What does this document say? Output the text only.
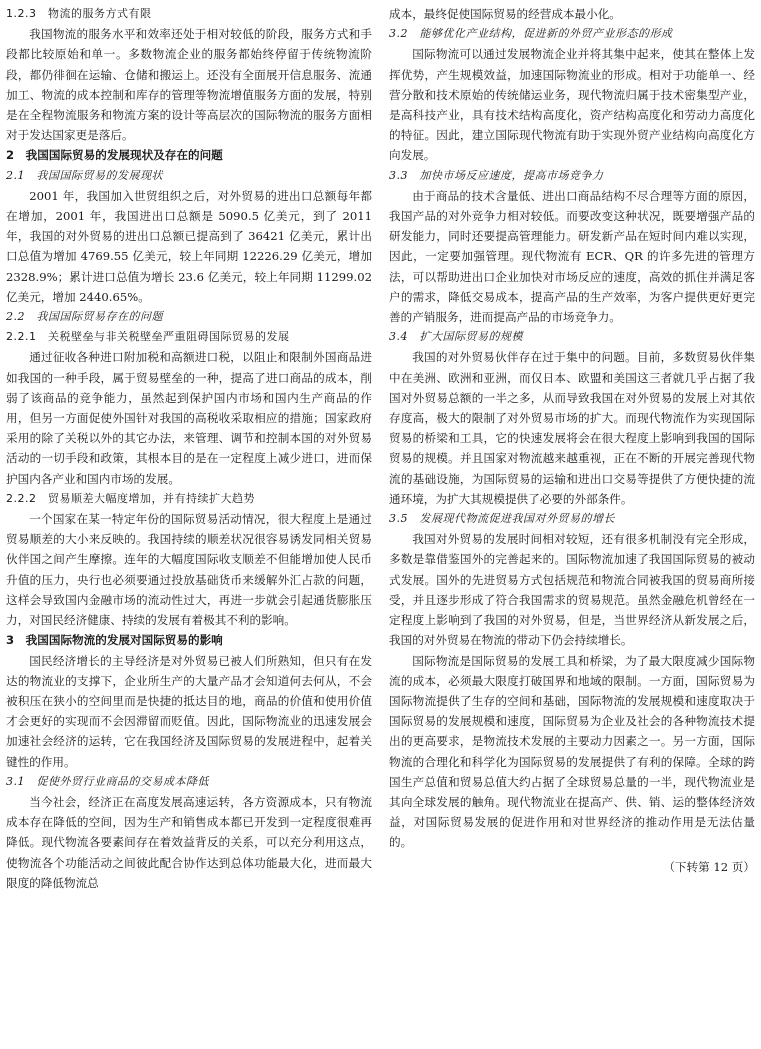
1.2.3　物流的服务方式有限
我国物流的服务水平和效率还处于相对较低的阶段，服务方式和手段都比较原始和单一。多数物流企业的服务都始终停留于传统物流阶段，都仍徘徊在运输、仓储和搬运上。还没有全面展开信息服务、流通加工、物流的成本控制和库存的管理等物流增值服务方面的发展，特别是在全程物流服务和物流方案的设计等高层次的国际物流的服务方面相对于发达国家更是落后。
2　我国国际贸易的发展现状及存在的问题
2.1　我国国际贸易的发展现状
2001 年，我国加入世贸组织之后，对外贸易的进出口总额每年都在增加，2001 年，我国进出口总额是 5090.5 亿美元，到了 2011 年，我国的对外贸易的进出口总额已提高到了 36421 亿美元，累计出口总值为增加 4769.55 亿美元，较上年同期 12226.29 亿美元，增加 2328.9%；累计进口总值为增长 23.6 亿美元，较上年同期 11299.02 亿美元，增加 2440.65%。
2.2　我国国际贸易存在的问题
2.2.1　关税壁垒与非关税壁垒严重阻碍国际贸易的发展
通过征收各种进口附加税和高额进口税，以阻止和限制外国商品进如我国的一种手段，属于贸易壁垒的一种，提高了进口商品的成本，削弱了该商品的竞争能力，虽然起到保护国内市场和国内生产商品的作用，但另一方面促使外国针对我国的高税收采取相应的措施；国家政府采用的除了关税以外的其它办法，来管理、调节和控制本国的对外贸易活动的一切手段和政策，其根本目的是在一定程度上减少进口，进而保护国内各产业和国内市场的发展。
2.2.2　贸易顺差大幅度增加，并有持续扩大趋势
一个国家在某一特定年份的国际贸易活动情况，很大程度上是通过贸易顺差的大小来反映的。我国持续的顺差状况很容易诱发同相关贸易伙伴国之间产生摩擦。连年的大幅度国际收支顺差不但能增加使人民币升值的压力，央行也必须要通过投放基础货币来缓解外汇占款的问题，这样会导致国内金融市场的流动性过大，再进一步就会引起通货膨胀压力，对国民经济健康、持续的发展有着极其不利的影响。
3　我国国际物流的发展对国际贸易的影响
国民经济增长的主导经济是对外贸易已被人们所熟知，但只有在发达的物流业的支撑下，企业所生产的大量产品才会知道何去何从，不会被积压在狭小的空间里而是快捷的抵达目的地，商品的价值和使用价值才会更好的实现而不会因滞留而贬值。因此，国际物流业的迅速发展会加速社会经济的运转，它在我国经济及国际贸易的发展进程中，起着关键性的作用。
3.1　促使外贸行业商品的交易成本降低
当今社会，经济正在高度发展高速运转，各方资源成本，只有物流成本存在降低的空间，因为生产和销售成本都已开发到一定程度很难再降低。现代物流各要素间存在着效益背反的关系，可以充分利用这点，使物流各个功能活动之间彼此配合协作达到总体功能最大化，进而最大限度的降低物流总
成本，最终促使国际贸易的经营成本最小化。
3.2　能够优化产业结构，促进新的外贸产业形态的形成
国际物流可以通过发展物流企业并将其集中起来，使其在整体上发挥优势，产生规模效益，加速国际物流业的形成。相对于功能单一、经营分散和技术原始的传统储运业务，现代物流归属于技术密集型产业，是高科技产业，具有技术结构高度化，资产结构高度化和劳动力高度化的特征。因此，建立国际现代物流有助于实现外贸产业结构向高度化方向发展。
3.3　加快市场反应速度，提高市场竞争力
由于商品的技术含量低、进出口商品结构不尽合理等方面的原因，我国产品的对外竞争力相对较低。而要改变这种状况，既要增强产品的研发能力，同时还要提高管理能力。研发新产品在短时间内难以实现，因此，一定要加强管理。现代物流有 ECR、QR 的许多先进的管理方法，可以帮助进出口企业加快对市场反应的速度，高效的抓住并满足客户的需求，降低交易成本，提高产品的生产效率，为客户提供更好更完善的产销服务，进而提高产品的市场竞争力。
3.4　扩大国际贸易的规模
我国的对外贸易伙伴存在过于集中的问题。目前，多数贸易伙伴集中在美洲、欧洲和亚洲，而仅日本、欧盟和美国这三者就几乎占据了我国对外贸易总额的一半之多，从而导致我国在对外贸易的发展上对其依存度高，极大的限制了对外贸易市场的扩大。而现代物流作为实现国际贸易的桥梁和工具，它的快速发展将会在很大程度上影响到我国的国际贸易的规模。并且国家对物流越来越重视，正在不断的开展完善现代物流的基础设施，为国际贸易的运输和进出口交易等提供了方便快捷的流通环境，为扩大其规模提供了必要的外部条件。
3.5　发展现代物流促进我国对外贸易的增长
我国对外贸易的发展时间相对较短，还有很多机制没有完全形成，多数是靠借鉴国外的完善起来的。国际物流加速了我国国际贸易的被动式发展。国外的先进贸易方式包括规范和物流合同被我国的贸易商所接受，并且逐步形成了符合我国需求的贸易规范。虽然金融危机曾经在一定程度上影响到了我国的对外贸易，但是，当世界经济从新发展之后，我国的对外贸易在物流的带动下仍会持续增长。
国际物流是国际贸易的发展工具和桥梁，为了最大限度减少国际物流的成本，必须最大限度打破国界和地域的限制。一方面，国际贸易为国际物流提供了生存的空间和基础，国际物流的发展规模和速度取决于国际贸易的发展规模和速度，国际贸易为企业及社会的各种物流技术提出的更高要求，是物流技术发展的主要动力因素之一。另一方面，国际物流的合理化和科学化为国际贸易的发展提供了有利的保障。全球的跨国生产总值和贸易总值大约占据了全球贸易总量的一半，现代物流业是其向全球发展的触角。现代物流业在提高产、供、销、运的整体经济效益，对国际贸易发展的促进作用和对世界经济的推动作用是无法估量的。
（下转第 12 页）
